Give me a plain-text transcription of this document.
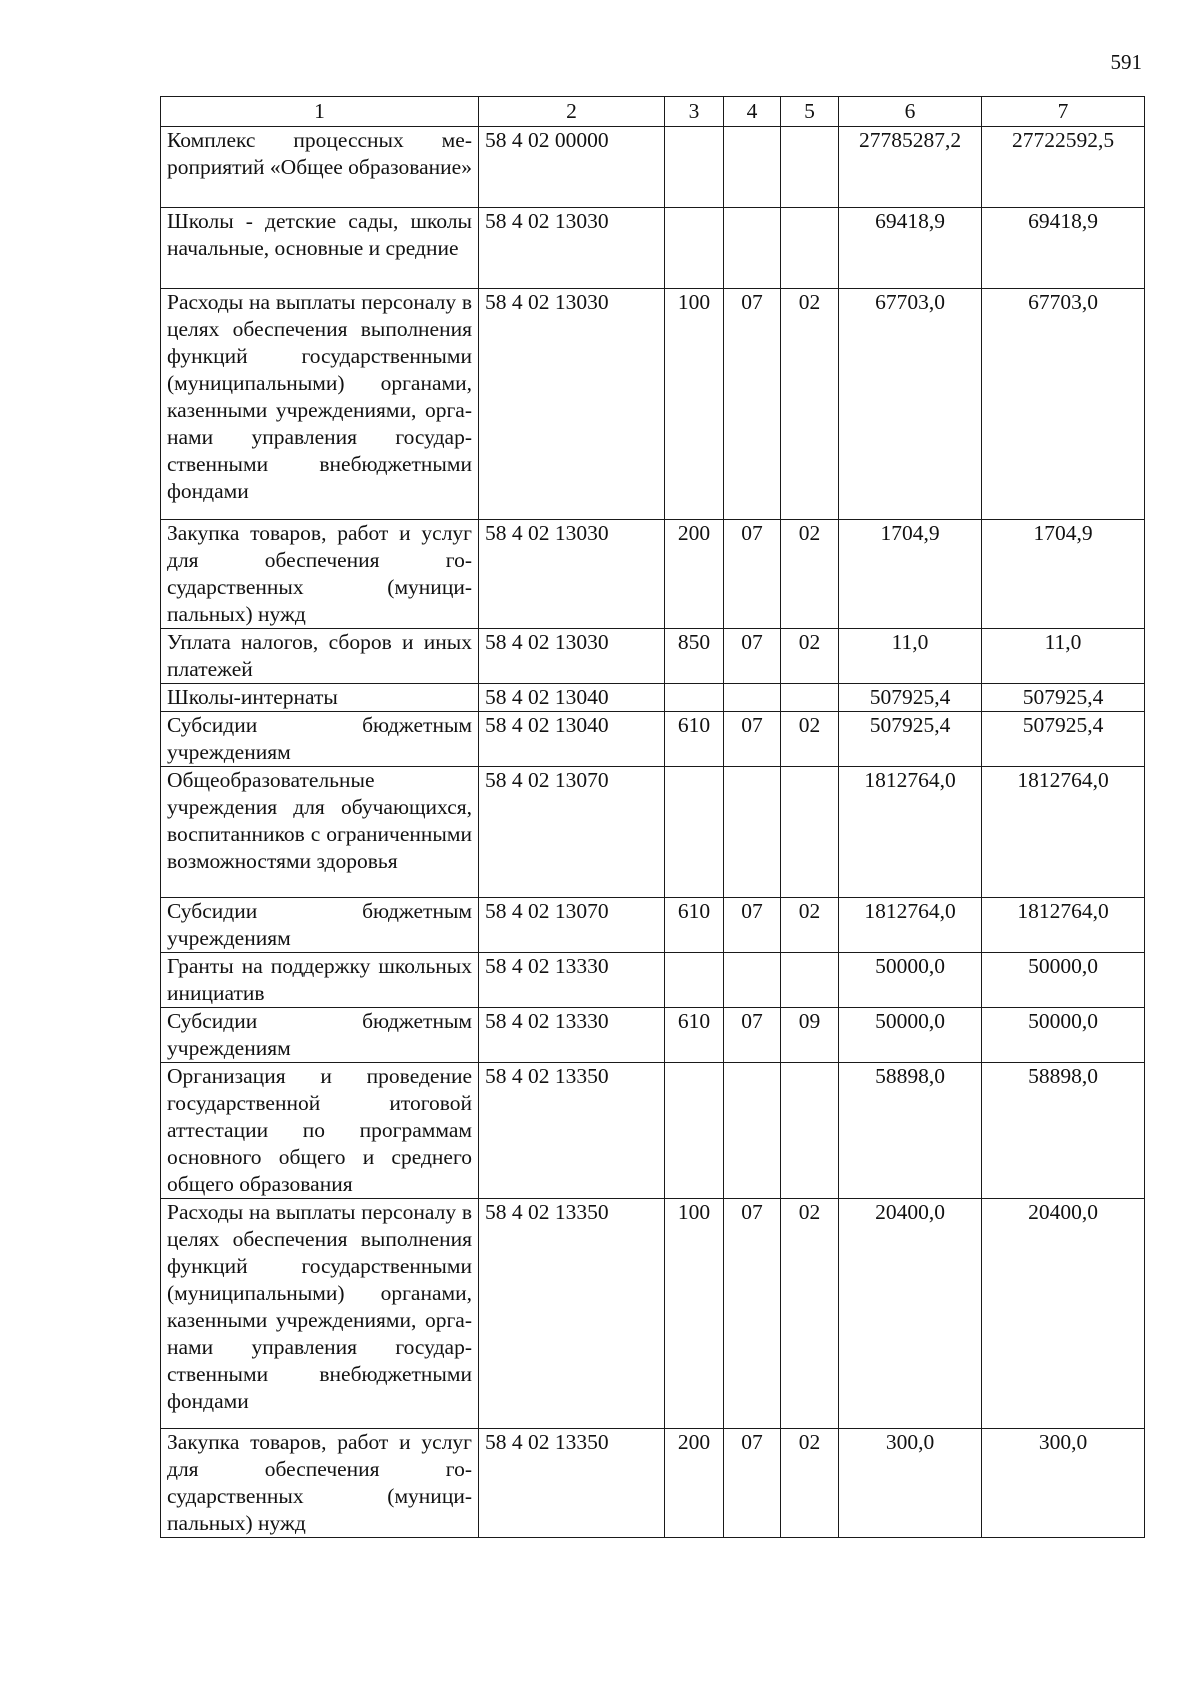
591
1	2	3	4	5	6	7
Комплекс процессных мероприятий «Общее образование»	58 4 02 00000				27785287,2	27722592,5
Школы - детские сады, школы начальные, основные и средние	58 4 02 13030				69418,9	69418,9
Расходы на выплаты персоналу в целях обеспечения выполнения функций государственными (муниципальными) органами, казенными учреждениями, органами управления государственными внебюджетными фондами	58 4 02 13030	100	07	02	67703,0	67703,0
Закупка товаров, работ и услуг для обеспечения государственных (муниципальных) нужд	58 4 02 13030	200	07	02	1704,9	1704,9
Уплата налогов, сборов и иных платежей	58 4 02 13030	850	07	02	11,0	11,0
Школы-интернаты	58 4 02 13040				507925,4	507925,4
Субсидии бюджетным учреждениям	58 4 02 13040	610	07	02	507925,4	507925,4
Общеобразовательные учреждения для обучающихся, воспитанников с ограниченными возможностями здоровья	58 4 02 13070				1812764,0	1812764,0
Субсидии бюджетным учреждениям	58 4 02 13070	610	07	02	1812764,0	1812764,0
Гранты на поддержку школьных инициатив	58 4 02 13330				50000,0	50000,0
Субсидии бюджетным учреждениям	58 4 02 13330	610	07	09	50000,0	50000,0
Организация и проведение государственной итоговой аттестации по программам основного общего и среднего общего образования	58 4 02 13350				58898,0	58898,0
Расходы на выплаты персоналу в целях обеспечения выполнения функций государственными (муниципальными) органами, казенными учреждениями, органами управления государственными внебюджетными фондами	58 4 02 13350	100	07	02	20400,0	20400,0
Закупка товаров, работ и услуг для обеспечения государственных (муниципальных) нужд	58 4 02 13350	200	07	02	300,0	300,0
